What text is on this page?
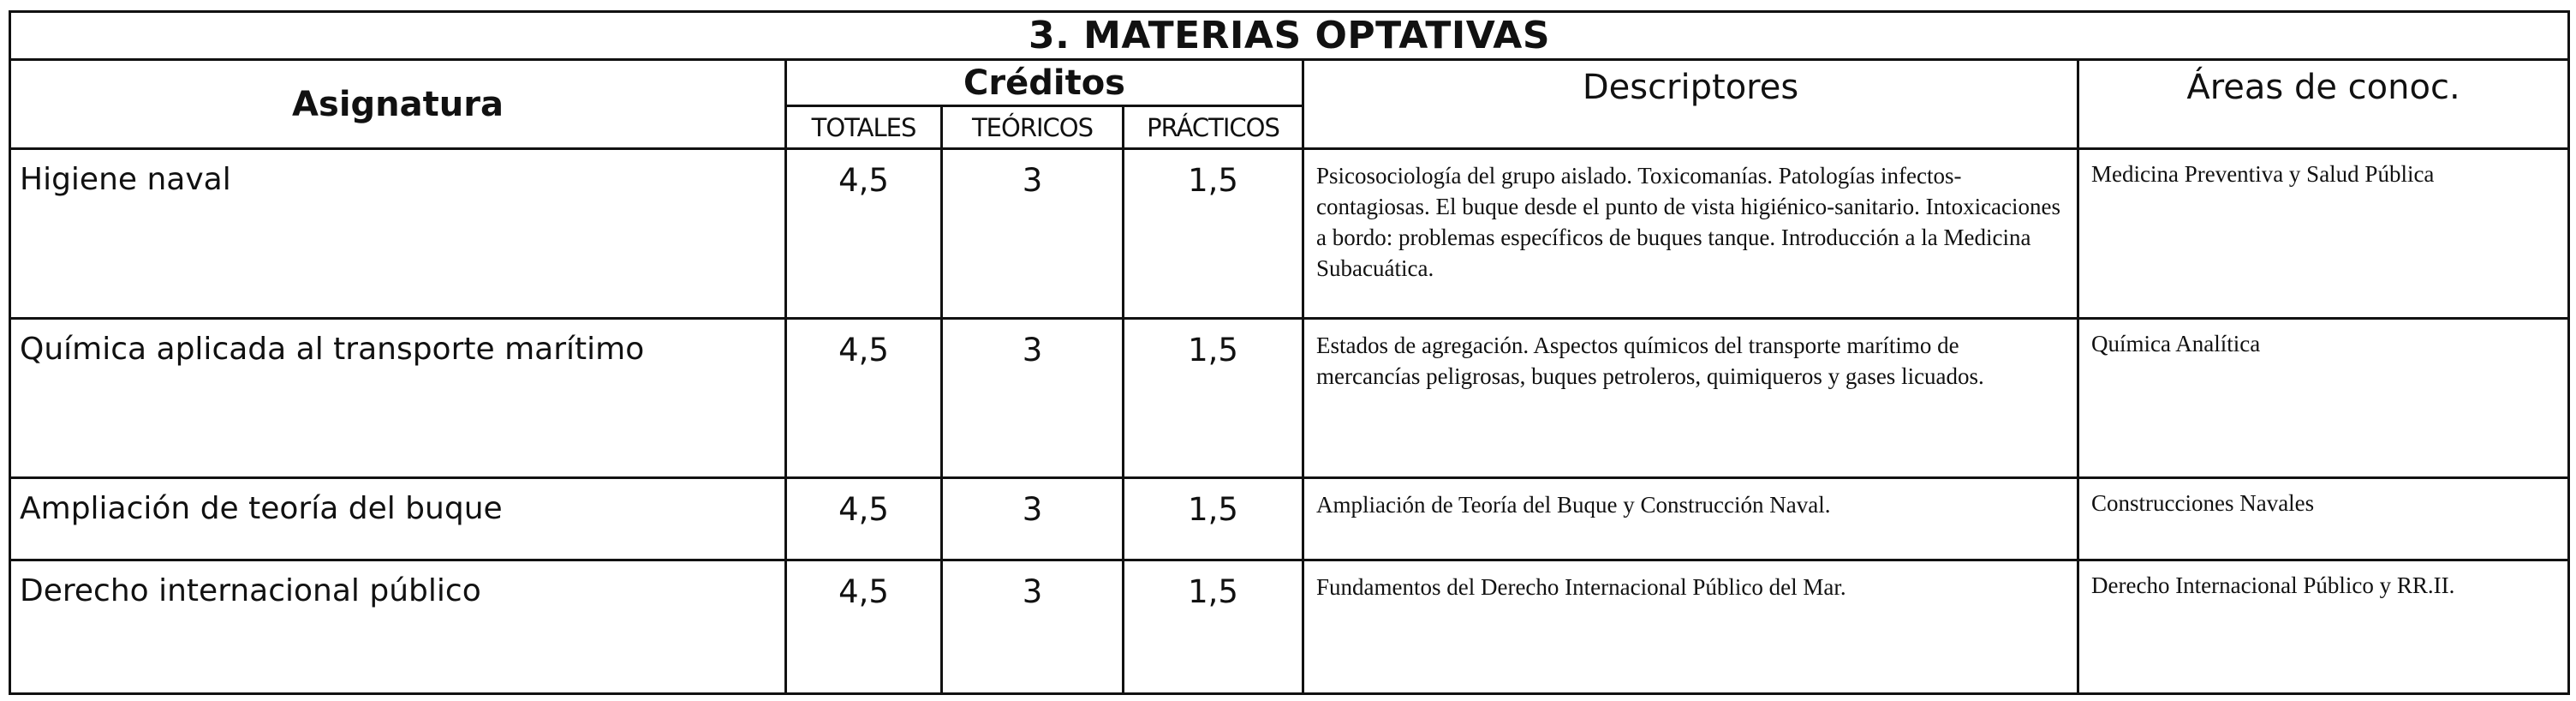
3. MATERIAS OPTATIVAS					
Asignatura	Créditos			Descriptores	Áreas de conoc.
	TOTALES	TEÓRICOS	PRÁCTICOS		
Higiene naval	4,5	3	1,5	Psicosociología del grupo aislado. Toxicomanías. Patologías infectos-contagiosas. El buque desde el punto de vista higiénico-sanitario. Intoxicaciones a bordo: problemas específicos de buques tanque. Introducción a la Medicina Subacuática.	Medicina Preventiva y Salud Pública
Química aplicada al transporte marítimo	4,5	3	1,5	Estados de agregación. Aspectos químicos del transporte marítimo de mercancías peligrosas, buques petroleros, quimiqueros y gases licuados.	Química Analítica
Ampliación de teoría del buque	4,5	3	1,5	Ampliación de Teoría del Buque y Construcción Naval.	Construcciones Navales
Derecho internacional público	4,5	3	1,5	Fundamentos del Derecho Internacional Público del Mar.	Derecho Internacional Público y RR.II.
